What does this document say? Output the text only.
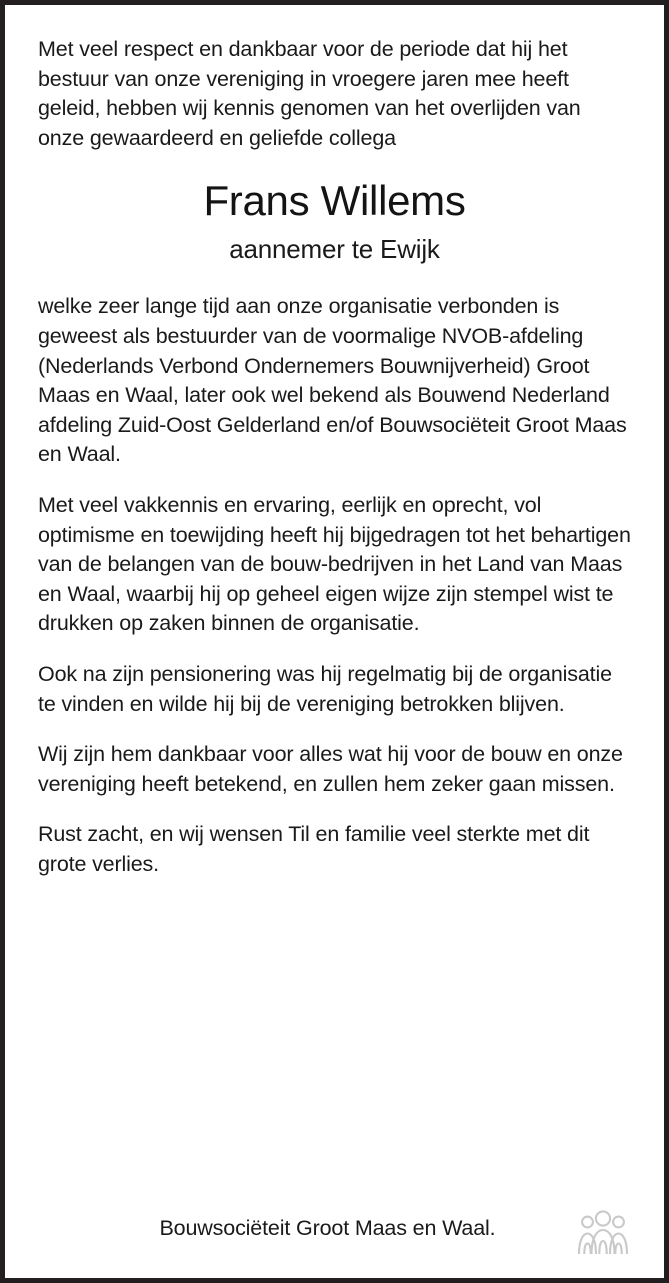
Met veel respect en dankbaar voor de periode dat hij het bestuur van onze vereniging in vroegere jaren mee heeft geleid, hebben wij kennis genomen van het overlijden van onze gewaardeerd en geliefde collega

Frans Willems
aannemer te Ewijk

welke zeer lange tijd aan onze organisatie verbonden is geweest als bestuurder van de voormalige NVOB-afdeling (Nederlands Verbond Ondernemers Bouwnijverheid) Groot Maas en Waal, later ook wel bekend als Bouwend Nederland afdeling Zuid-Oost Gelderland en/of Bouwsociëteit Groot Maas en Waal.

Met veel vakkennis en ervaring, eerlijk en oprecht, vol optimisme en toewijding heeft hij bijgedragen tot het behartigen van de belangen van de bouw-bedrijven in het Land van Maas en Waal, waarbij hij op geheel eigen wijze zijn stempel wist te drukken op zaken binnen de organisatie.

Ook na zijn pensionering was hij regelmatig bij de organisatie te vinden en wilde hij bij de vereniging betrokken blijven.

Wij zijn hem dankbaar voor alles wat hij voor de bouw en onze vereniging heeft betekend, en zullen hem zeker gaan missen.

Rust zacht, en wij wensen Til en familie veel sterkte met dit grote verlies.

Bouwsociëteit Groot Maas en Waal.
